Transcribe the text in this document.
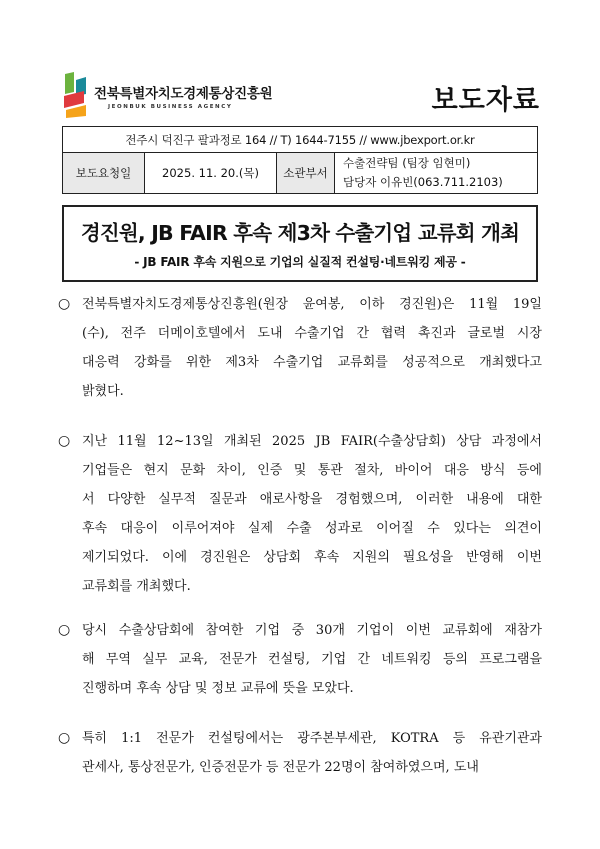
전북특별자치도경제통상진흥원
JEONBUK BUSINESS AGENCY	보도자료
전주시 덕진구 팔과정로 164 // T) 1644-7155 // www.jbexport.or.kr
보도요청일	2025. 11. 20.(목)	소관부서	
수출전략팀 (팀장 임현미)
담당자 이유빈(063.711.2103)
경진원, JB FAIR 후속 제3차 수출기업 교류회 개최
- JB FAIR 후속 지원으로 기업의 실질적 컨설팅·네트워킹 제공 -
○ 전북특별자치도경제통상진흥원(원장 윤여봉, 이하 경진원)은 11월 19일
(수), 전주 더메이호텔에서 도내 수출기업 간 협력 촉진과 글로벌 시장
대응력 강화를 위한 제3차 수출기업 교류회를 성공적으로 개최했다고
밝혔다.
○ 지난 11월 12~13일 개최된 2025 JB FAIR(수출상담회) 상담 과정에서
기업들은 현지 문화 차이, 인증 및 통관 절차, 바이어 대응 방식 등에
서 다양한 실무적 질문과 애로사항을 경험했으며, 이러한 내용에 대한
후속 대응이 이루어져야 실제 수출 성과로 이어질 수 있다는 의견이
제기되었다. 이에 경진원은 상담회 후속 지원의 필요성을 반영해 이번
교류회를 개최했다.
○ 당시 수출상담회에 참여한 기업 중 30개 기업이 이번 교류회에 재참가
해 무역 실무 교육, 전문가 컨설팅, 기업 간 네트워킹 등의 프로그램을
진행하며 후속 상담 및 정보 교류에 뜻을 모았다.
○ 특히 1:1 전문가 컨설팅에서는 광주본부세관, KOTRA 등 유관기관과
관세사, 통상전문가, 인증전문가 등 전문가 22명이 참여하였으며, 도내
